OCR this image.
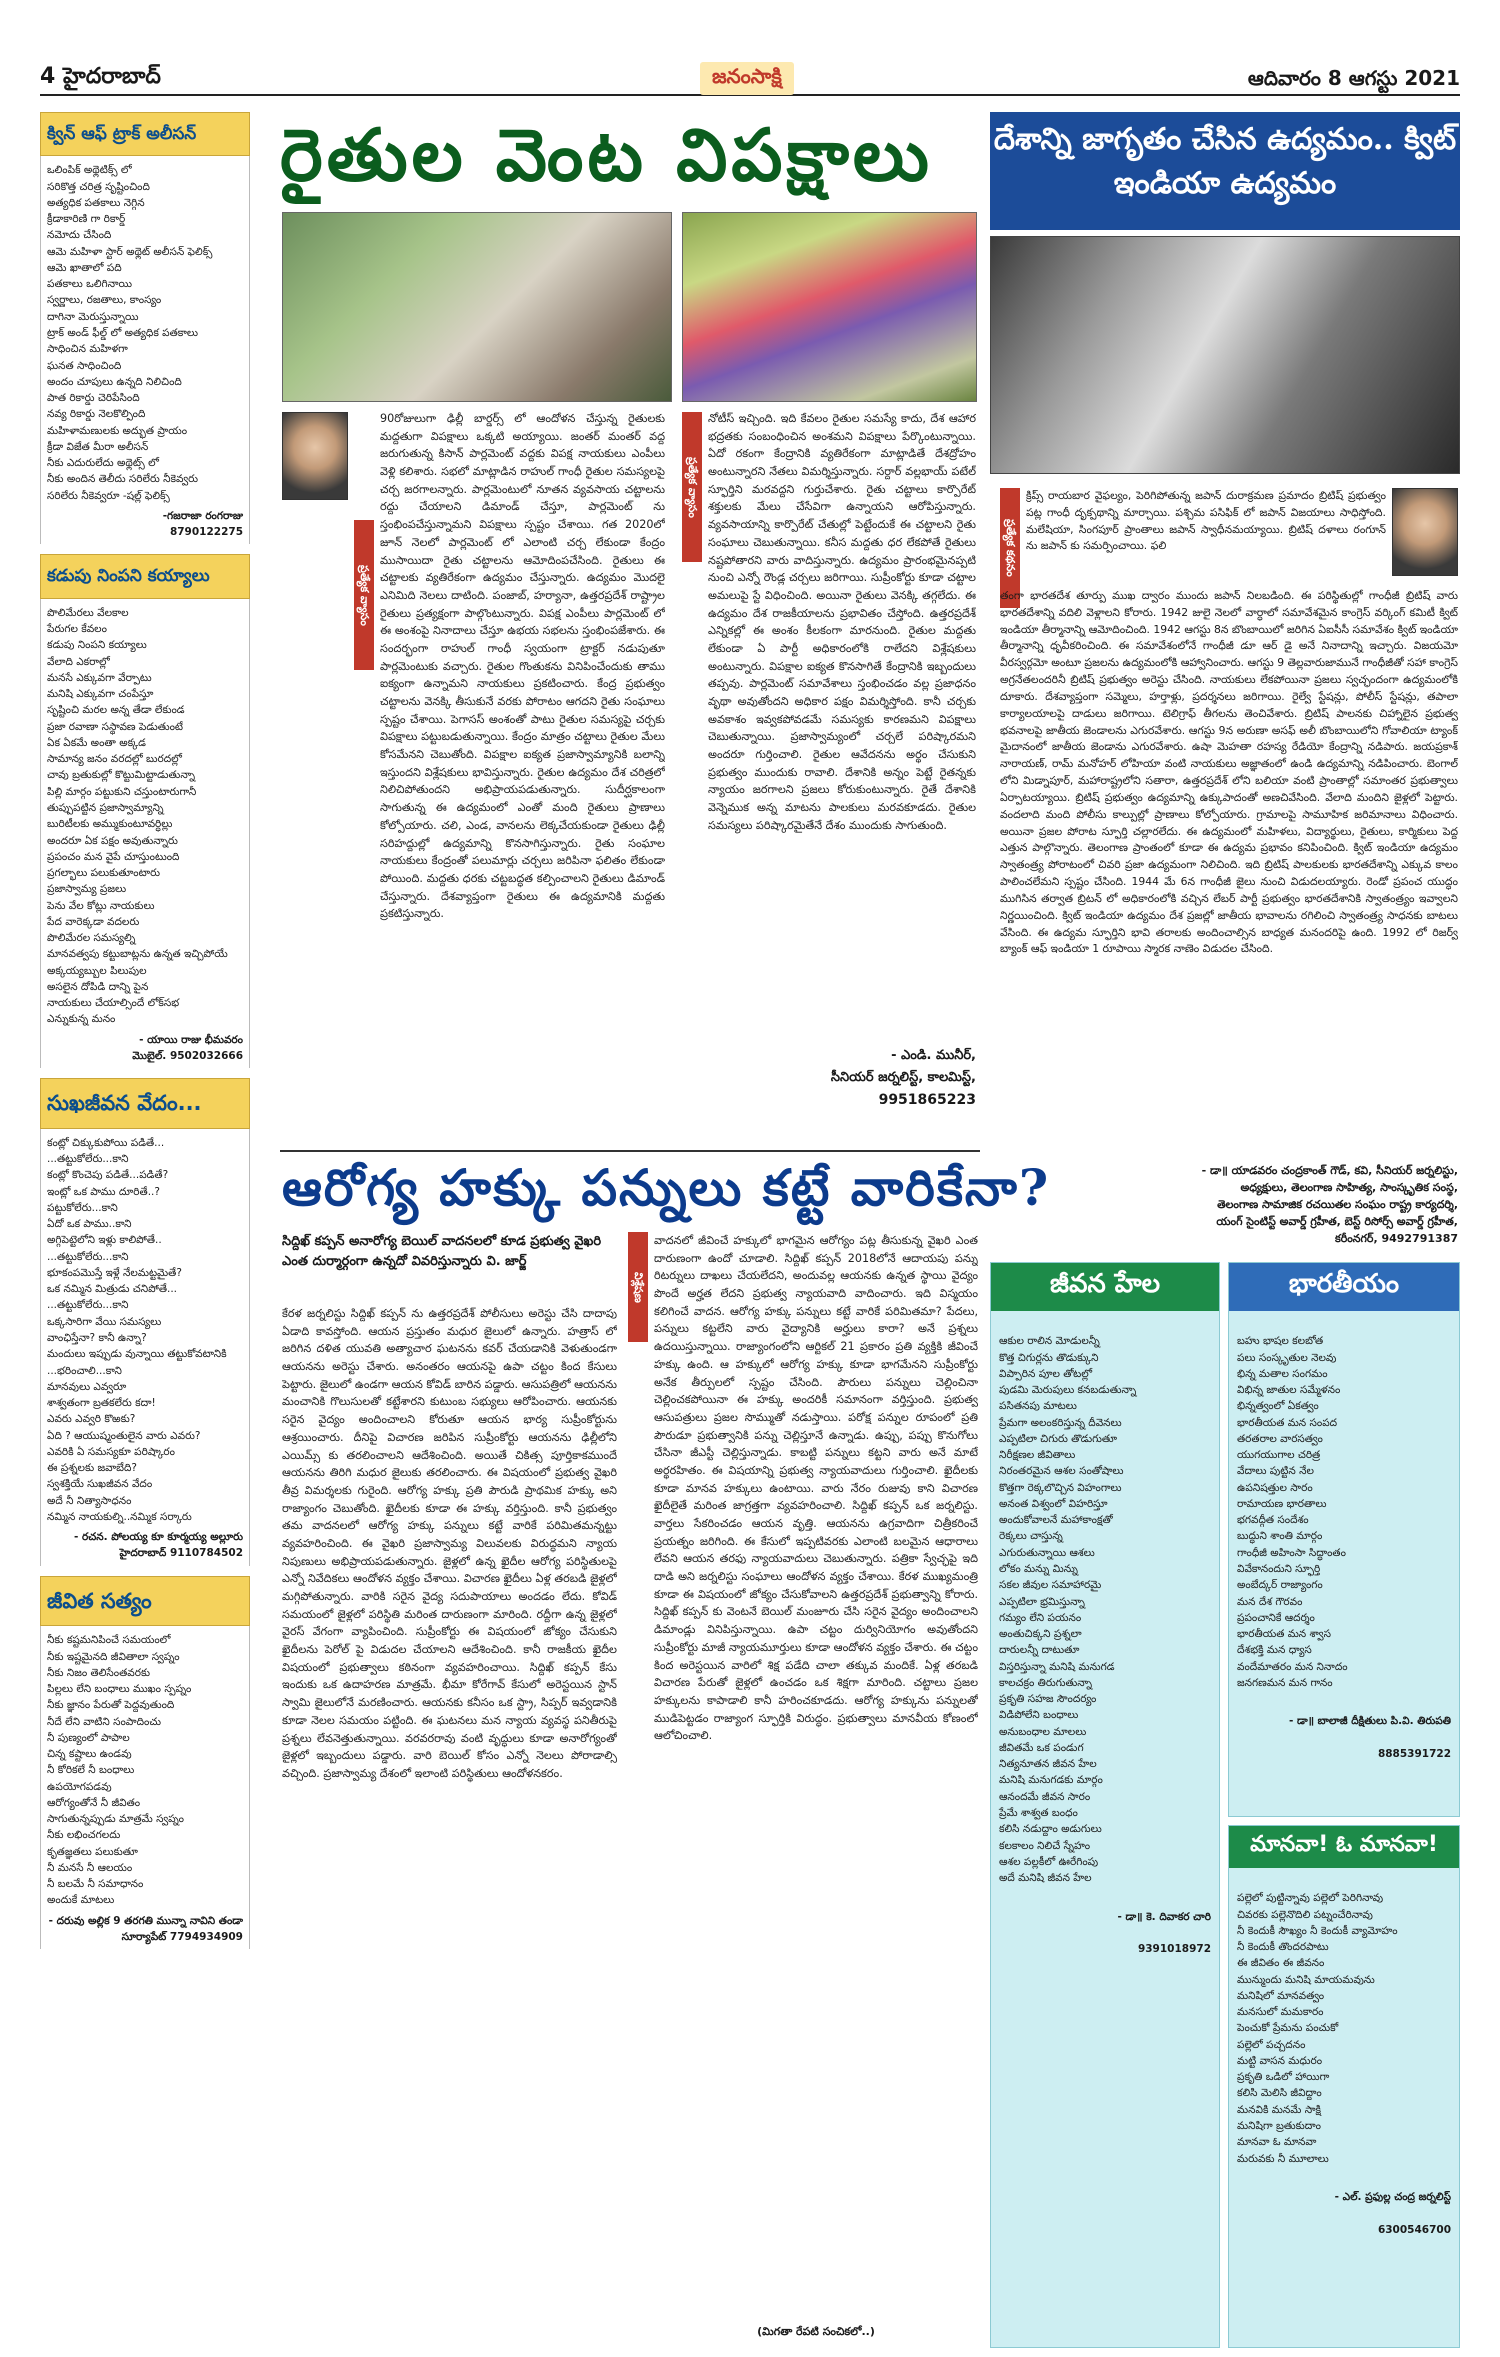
4 హైదరాబాద్	జనంసాక్షి	ఆదివారం 8 ఆగస్టు 2021
క్విన్ ఆఫ్ ట్రాక్ అలీసన్

ఒలింపిక్ అథ్లెటిక్స్ లో
సరికొత్త చరిత్ర సృష్టించింది
అత్యధిక పతకాలు నెగ్గిన
క్రీడాకారిణి గా రికార్డ్
నమోదు చేసింది
ఆమె మహిళా స్టార్ అథ్లెట్ అలీసన్ ఫెలిక్స్
ఆమె ఖాతాలో పది
పతకాలు ఒలిగినాయి
స్వర్ణాలు, రజతాలు, కాంస్యం
దాగినా మెరుస్తున్నాయి
ట్రాక్ అండ్ ఫీల్డ్ లో అత్యధిక పతకాలు
సాధించిన మహిళగా
ఘనత సాధించింది
అందం చూపులు ఉన్నది నిలిచింది
పాత రికార్డు చెరిపేసింది
నవ్య రికార్డు నెలకొల్పింది
మహిళామణులకు అద్భుత ప్రాయం
క్రీడా విజేత మీరా అలీసన్
నీకు ఎదురులేదు అథ్లెట్స్ లో
నీకు అందిన తెలీదు సరిలేరు నీకెవ్వరు
సరిలేరు నీకెవ్వరూ -షల్ల్ ఫెలిక్స్

-గజరాజా రంగరాజు
8790122275
కడుపు నింపని కయ్యాలు

పొలిమేరలు వేలకాల
పేరుగల కేవలం
కడుపు నింపని కయ్యాలు
వేలాది ఎకరాల్లో
మనసే ఎక్కువగా వేర్పాటు
మనిషి ఎక్కువగా చంపేస్తూ
సృష్టించి మరల అన్న తేడా లేకుండ
ప్రజా రవాణా సస్థావణ పెడుతుంటే
ఏక ఏకమే అంతా అక్కడ
సామాన్య జనం వరదల్లో బురదల్లో
చావు బ్రతుకుల్లో కొట్టుమిట్టాడుతున్నా
పిల్లి మార్గం పట్టుకుని చస్తుంటారుగానీ
తుప్పుపట్టిన ప్రజాస్వామ్యాన్ని
బురిటీలకు అమ్ముకుంటూవర్ధిల్లు
అందరూ ఏక పక్షం అవుతున్నారు
ప్రపంచం మన వైపే చూస్తుంటుంది
ప్రగల్భాలు పలుకుతూంటారు
ప్రజాస్వామ్య ప్రజలు
పెను వేల కోట్లు నాయకులు
పేద వారెక్కడా వదలరు
పొలిమేరల సమస్యల్ని
మానవత్వపు కట్టుబాట్లను ఉన్నత ఇచ్చిపోయే
అక్కయ్యబ్బుల పిలుపుల
అసలైన దోపిడి దాన్ని పైన
నాయకులు చేయాల్సిందే లోక్‌సభ
ఎన్నుకున్న మనం

- యాయి రాజు భీమవరం
మొబైల్. 9502032666
సుఖజీవన వేదం...

కంట్లో చిక్కుకుపోయి పడితే...
...తట్టుకోలేరు...కాని
కంట్లో కొంచెపు పడితే...పడితే?
ఇంట్లో ఒక పాము దూరితే..?
పట్టుకోలేరు...కాని
ఏదో ఒక పాము..కాని
అగ్గిపెట్టెలోని ఇళ్లు కాలిపోతే..
...తట్టుకోలేరు...కాని
భూకంపమొస్తే ఇళ్లే నేలమట్టమైతే?
ఒక నమ్మిన మిత్రుడు చనిపోతే...
...తట్టుకోలేరు...కాని
ఒక్కసారిగా వేయి సమస్యలు
వాంఛిస్తేనా? కానీ ఉన్నా?
మందులు ఇప్పుడు వున్నాయి తట్టుకోవటానికి
...భరించాలి...కాని
మానవులు ఎవ్వరూ
శాశ్వతంగా బ్రతకలేరు కదా!
ఎవరు ఎవ్వరి కొఱకు?
ఏది ? ఆయుష్మంతులైన వారు ఎవరు?
ఎవరికి ఏ సమస్యకూ పరిష్కారం
ఈ ప్రశ్నలకు జవాబేది?
స్వశక్తియే సుఖజీవన వేదం
అదే నీ నిత్యాసాధనం
నమ్మిన నాయకుల్ని..నమ్మిక సర్కారు

- రచన. పోలయ్య కూ కూర్మయ్య అల్లూరు
హైదరాబాద్ 9110784502
జీవిత సత్యం

నీకు కష్టమనిపించే సమయంలో
నీకు ఇష్టమైనది జీవితాలా స్వప్నం
నీకు నిజం తెలిసేంతవరకు
పిల్లలు లేని బంధాలు ముఖం స్పప్నం
నీకు జ్ఞానం పేరుతో పెద్దవుతుంది
నీదే లేని వాటిని సంపాదించు
నీ పుణ్యంలో పాపాల
చిన్న కష్టాలు ఉండవు
నీ కోరికలే నీ బంధాలు
ఉపయోగపడవు
ఆరోగ్యంతోనే నీ జీవితం
సాగుతున్నప్పుడు మాత్రమే స్వప్నం
నీకు లభించగలదు
కృతజ్ఞతలు పలుకుతూ
నీ మనసే నీ ఆలయం
నీ బలమే నీ సమాధానం
అందుకే మాటలు

- దరువు అల్లిక 9 తరగతి మున్నా నావిని తండా
సూర్యాపేట్ 7794934909
రైతుల వెంట విపక్షాలు
ప్రత్యేక వ్యాసం
90రోజులుగా ఢిల్లీ బార్డర్స్ లో ఆందోళన చేస్తున్న రైతులకు మద్దతుగా విపక్షాలు ఒక్కటి అయ్యాయి. జంతర్ మంతర్ వద్ద జరుగుతున్న కిసాన్ పార్లమెంట్ వద్దకు విపక్ష నాయకులు ఎంపీలు వెళ్లి కలిశారు. సభలో మాట్లాడిన రాహుల్ గాంధీ రైతుల సమస్యలపై చర్చ జరగాలన్నారు. పార్లమెంటులో నూతన వ్యవసాయ చట్టాలను రద్దు చేయాలని డిమాండ్ చేస్తూ, పార్లమెంట్ ను స్తంభింపచేస్తున్నామని విపక్షాలు స్పష్టం చేశాయి. గత 2020లో జూన్ నెలలో పార్లమెంట్ లో ఎలాంటి చర్చ లేకుండా కేంద్రం ముసాయిదా రైతు చట్టాలను ఆమోదింపచేసింది. రైతులు ఈ చట్టాలకు వ్యతిరేకంగా ఉద్యమం చేస్తున్నారు. ఉద్యమం మొదలై ఎనిమిది నెలలు దాటింది. పంజాబ్, హర్యానా, ఉత్తరప్రదేశ్ రాష్ట్రాల రైతులు ప్రత్యక్షంగా పాల్గొంటున్నారు. విపక్ష ఎంపీలు పార్లమెంట్ లో ఈ అంశంపై నినాదాలు చేస్తూ ఉభయ సభలను స్తంభింపజేశారు. ఈ సందర్భంగా రాహుల్ గాంధీ స్వయంగా ట్రాక్టర్ నడుపుతూ పార్లమెంటుకు వచ్చారు. రైతుల గొంతుకను వినిపించేందుకు తాము ఐక్యంగా ఉన్నామని నాయకులు ప్రకటించారు. కేంద్ర ప్రభుత్వం చట్టాలను వెనక్కి తీసుకునే వరకు పోరాటం ఆగదని రైతు సంఘాలు స్పష్టం చేశాయి. పెగాసస్ అంశంతో పాటు రైతుల సమస్యపై చర్చకు విపక్షాలు పట్టుబడుతున్నాయి. కేంద్రం మాత్రం చట్టాలు రైతుల మేలు కోసమేనని చెబుతోంది. విపక్షాల ఐక్యత ప్రజాస్వామ్యానికి బలాన్ని ఇస్తుందని విశ్లేషకులు భావిస్తున్నారు. రైతుల ఉద్యమం దేశ చరిత్రలో నిలిచిపోతుందని అభిప్రాయపడుతున్నారు. సుదీర్ఘకాలంగా సాగుతున్న ఈ ఉద్యమంలో ఎంతో మంది రైతులు ప్రాణాలు కోల్పోయారు. చలి, ఎండ, వానలను లెక్కచేయకుండా రైతులు ఢిల్లీ సరిహద్దుల్లో ఉద్యమాన్ని కొనసాగిస్తున్నారు. రైతు సంఘాల నాయకులు కేంద్రంతో పలుమార్లు చర్చలు జరిపినా ఫలితం లేకుండా పోయింది. మద్దతు ధరకు చట్టబద్ధత కల్పించాలని రైతులు డిమాండ్ చేస్తున్నారు. దేశవ్యాప్తంగా రైతులు ఈ ఉద్యమానికి మద్దతు ప్రకటిస్తున్నారు.
ప్రత్యేక వ్యాసం
నోటీస్ ఇచ్చింది. ఇది కేవలం రైతుల సమస్యే కాదు, దేశ ఆహార భద్రతకు సంబంధించిన అంశమని విపక్షాలు పేర్కొంటున్నాయి. ఏదో రకంగా కేంద్రానికి వ్యతిరేకంగా మాట్లాడితే దేశద్రోహం అంటున్నారని నేతలు విమర్శిస్తున్నారు. సర్దార్ వల్లభాయ్ పటేల్ స్ఫూర్తిని మరవద్దని గుర్తుచేశారు. రైతు చట్టాలు కార్పొరేట్ శక్తులకు మేలు చేసేవిగా ఉన్నాయని ఆరోపిస్తున్నారు. వ్యవసాయాన్ని కార్పొరేట్ చేతుల్లో పెట్టేందుకే ఈ చట్టాలని రైతు సంఘాలు చెబుతున్నాయి. కనీస మద్దతు ధర లేకపోతే రైతులు నష్టపోతారని వారు వాదిస్తున్నారు. ఉద్యమం ప్రారంభమైనప్పటి నుంచి ఎన్నో రౌండ్ల చర్చలు జరిగాయి. సుప్రీంకోర్టు కూడా చట్టాల అమలుపై స్టే విధించింది. అయినా రైతులు వెనక్కి తగ్గలేదు. ఈ ఉద్యమం దేశ రాజకీయాలను ప్రభావితం చేస్తోంది. ఉత్తరప్రదేశ్ ఎన్నికల్లో ఈ అంశం కీలకంగా మారనుంది. రైతుల మద్దతు లేకుండా ఏ పార్టీ అధికారంలోకి రాలేదని విశ్లేషకులు అంటున్నారు. విపక్షాల ఐక్యత కొనసాగితే కేంద్రానికి ఇబ్బందులు తప్పవు. పార్లమెంట్ సమావేశాలు స్తంభించడం వల్ల ప్రజాధనం వృథా అవుతోందని అధికార పక్షం విమర్శిస్తోంది. కానీ చర్చకు అవకాశం ఇవ్వకపోవడమే సమస్యకు కారణమని విపక్షాలు చెబుతున్నాయి. ప్రజాస్వామ్యంలో చర్చలే పరిష్కారమని అందరూ గుర్తించాలి. రైతుల ఆవేదనను అర్థం చేసుకుని ప్రభుత్వం ముందుకు రావాలి. దేశానికి అన్నం పెట్టే రైతన్నకు న్యాయం జరగాలని ప్రజలు కోరుకుంటున్నారు. రైతే దేశానికి వెన్నెముక అన్న మాటను పాలకులు మరవకూడదు. రైతుల సమస్యలు పరిష్కారమైతేనే దేశం ముందుకు సాగుతుంది.
- ఎండి. మునీర్,
సీనియర్ జర్నలిస్ట్, కాలమిస్ట్,
9951865223
ఆరోగ్య హక్కు పన్నులు కట్టే వారికేనా?
సిద్దిఖ్ కప్పన్ అనారోగ్య బెయిల్ వాదనలలో కూడ ప్రభుత్వ వైఖరి ఎంత దుర్మార్గంగా ఉన్నదో వివరిస్తున్నారు వి. జార్జ్
కేరళ జర్నలిస్టు సిద్దిఖ్ కప్పన్ ను ఉత్తరప్రదేశ్ పోలీసులు అరెస్టు చేసి దాదాపు ఏడాది కావస్తోంది. ఆయన ప్రస్తుతం మధుర జైలులో ఉన్నారు. హత్రాస్ లో జరిగిన దళిత యువతి అత్యాచార ఘటనను కవర్ చేయడానికి వెళుతుండగా ఆయనను అరెస్టు చేశారు. అనంతరం ఆయనపై ఉపా చట్టం కింద కేసులు పెట్టారు. జైలులో ఉండగా ఆయన కోవిడ్ బారిన పడ్డారు. ఆసుపత్రిలో ఆయనను మంచానికి గొలుసులతో కట్టేశారని కుటుంబ సభ్యులు ఆరోపించారు. ఆయనకు సరైన వైద్యం అందించాలని కోరుతూ ఆయన భార్య సుప్రీంకోర్టును ఆశ్రయించారు. దీనిపై విచారణ జరిపిన సుప్రీంకోర్టు ఆయనను ఢిల్లీలోని ఎయిమ్స్ కు తరలించాలని ఆదేశించింది. అయితే చికిత్స పూర్తికాకముందే ఆయనను తిరిగి మధుర జైలుకు తరలించారు. ఈ విషయంలో ప్రభుత్వ వైఖరి తీవ్ర విమర్శలకు గురైంది. ఆరోగ్య హక్కు ప్రతి పౌరుడి ప్రాథమిక హక్కు అని రాజ్యాంగం చెబుతోంది. ఖైదీలకు కూడా ఈ హక్కు వర్తిస్తుంది. కానీ ప్రభుత్వం తమ వాదనలలో ఆరోగ్య హక్కు పన్నులు కట్టే వారికే పరిమితమన్నట్టు వ్యవహరించింది. ఈ వైఖరి ప్రజాస్వామ్య విలువలకు విరుద్ధమని న్యాయ నిపుణులు అభిప్రాయపడుతున్నారు. జైళ్లలో ఉన్న ఖైదీల ఆరోగ్య పరిస్థితులపై ఎన్నో నివేదికలు ఆందోళన వ్యక్తం చేశాయి. విచారణ ఖైదీలు ఏళ్ల తరబడి జైళ్లలో మగ్గిపోతున్నారు. వారికి సరైన వైద్య సదుపాయాలు అందడం లేదు. కోవిడ్ సమయంలో జైళ్లలో పరిస్థితి మరింత దారుణంగా మారింది. రద్దీగా ఉన్న జైళ్లలో వైరస్ వేగంగా వ్యాపించింది. సుప్రీంకోర్టు ఈ విషయంలో జోక్యం చేసుకుని ఖైదీలను పెరోల్ పై విడుదల చేయాలని ఆదేశించింది. కానీ రాజకీయ ఖైదీల విషయంలో ప్రభుత్వాలు కఠినంగా వ్యవహరించాయి. సిద్దిఖ్ కప్పన్ కేసు ఇందుకు ఒక ఉదాహరణ మాత్రమే. భీమా కోరేగావ్ కేసులో అరెస్టయిన స్టాన్ స్వామి జైలులోనే మరణించారు. ఆయనకు కనీసం ఒక స్ట్రా, సిప్పర్ ఇవ్వడానికి కూడా నెలల సమయం పట్టింది. ఈ ఘటనలు మన న్యాయ వ్యవస్థ పనితీరుపై ప్రశ్నలు లేవనెత్తుతున్నాయి. వరవరరావు వంటి వృద్ధులు కూడా అనారోగ్యంతో జైళ్లలో ఇబ్బందులు పడ్డారు. వారి బెయిల్ కోసం ఎన్నో నెలలు పోరాడాల్సి వచ్చింది. ప్రజాస్వామ్య దేశంలో ఇలాంటి పరిస్థితులు ఆందోళనకరం.
విశ్లేషణ
వాదనలో జీవించే హక్కులో భాగమైన ఆరోగ్యం పట్ల తీసుకున్న వైఖరి ఎంత దారుణంగా ఉందో చూడాలి. సిద్దిఖ్ కప్పన్ 2018లోనే ఆదాయపు పన్ను రిటర్నులు దాఖలు చేయలేదని, అందువల్ల ఆయనకు ఉన్నత స్థాయి వైద్యం పొందే అర్హత లేదని ప్రభుత్వ న్యాయవాది వాదించారు. ఇది విస్మయం కలిగించే వాదన. ఆరోగ్య హక్కు పన్నులు కట్టే వారికే పరిమితమా? పేదలు, పన్నులు కట్టలేని వారు వైద్యానికి అర్హులు కారా? అనే ప్రశ్నలు ఉదయిస్తున్నాయి. రాజ్యాంగంలోని ఆర్టికల్ 21 ప్రకారం ప్రతి వ్యక్తికి జీవించే హక్కు ఉంది. ఆ హక్కులో ఆరోగ్య హక్కు కూడా భాగమేనని సుప్రీంకోర్టు అనేక తీర్పులలో స్పష్టం చేసింది. పౌరులు పన్నులు చెల్లించినా చెల్లించకపోయినా ఈ హక్కు అందరికీ సమానంగా వర్తిస్తుంది. ప్రభుత్వ ఆసుపత్రులు ప్రజల సొమ్ముతో నడుస్తాయి. పరోక్ష పన్నుల రూపంలో ప్రతి పౌరుడూ ప్రభుత్వానికి పన్ను చెల్లిస్తూనే ఉన్నాడు. ఉప్పు, పప్పు కొనుగోలు చేసినా జీఎస్టీ చెల్లిస్తున్నాడు. కాబట్టి పన్నులు కట్టని వారు అనే మాటే అర్థరహితం. ఈ విషయాన్ని ప్రభుత్వ న్యాయవాదులు గుర్తించాలి. ఖైదీలకు కూడా మానవ హక్కులు ఉంటాయి. వారు నేరం రుజువు కాని విచారణ ఖైదీలైతే మరింత జాగ్రత్తగా వ్యవహరించాలి. సిద్దిఖ్ కప్పన్ ఒక జర్నలిస్టు. వార్తలు సేకరించడం ఆయన వృత్తి. ఆయనను ఉగ్రవాదిగా చిత్రీకరించే ప్రయత్నం జరిగింది. ఈ కేసులో ఇప్పటివరకు ఎలాంటి బలమైన ఆధారాలు లేవని ఆయన తరఫు న్యాయవాదులు చెబుతున్నారు. పత్రికా స్వేచ్ఛపై ఇది దాడి అని జర్నలిస్టు సంఘాలు ఆందోళన వ్యక్తం చేశాయి. కేరళ ముఖ్యమంత్రి కూడా ఈ విషయంలో జోక్యం చేసుకోవాలని ఉత్తరప్రదేశ్ ప్రభుత్వాన్ని కోరారు. సిద్దిఖ్ కప్పన్ కు వెంటనే బెయిల్ మంజూరు చేసి సరైన వైద్యం అందించాలని డిమాండ్లు వినిపిస్తున్నాయి. ఉపా చట్టం దుర్వినియోగం అవుతోందని సుప్రీంకోర్టు మాజీ న్యాయమూర్తులు కూడా ఆందోళన వ్యక్తం చేశారు. ఈ చట్టం కింద అరెస్టయిన వారిలో శిక్ష పడేది చాలా తక్కువ మందికే. ఏళ్ల తరబడి విచారణ పేరుతో జైళ్లలో ఉంచడం ఒక శిక్షగా మారింది. చట్టాలు ప్రజల హక్కులను కాపాడాలి కానీ హరించకూడదు. ఆరోగ్య హక్కును పన్నులతో ముడిపెట్టడం రాజ్యాంగ స్ఫూర్తికి విరుద్ధం. ప్రభుత్వాలు మానవీయ కోణంలో ఆలోచించాలి.
(మిగతా రేపటి సంచికలో..)
దేశాన్ని జాగృతం చేసిన ఉద్యమం.. క్విట్ ఇండియా ఉద్యమం
ప్రత్యేక కథనం
క్రిప్స్ రాయబార వైఫల్యం, పెరిగిపోతున్న జపాన్ దురాక్రమణ ప్రమాదం బ్రిటిష్ ప్రభుత్వం పట్ల గాంధీ దృక్పథాన్ని మార్చాయి. పశ్చిమ పసిఫిక్ లో జపాన్ విజయాలు సాధిస్తోంది. మలేషియా, సింగపూర్ ప్రాంతాలు జపాన్ స్వాధీనమయ్యాయి. బ్రిటిష్ దళాలు రంగూన్ ను జపాన్ కు సమర్పించాయి. ఫలి
తంగా భారతదేశ తూర్పు ముఖ ద్వారం ముందు జపాన్ నిలబడింది. ఈ పరిస్థితుల్లో గాంధీజీ బ్రిటిష్ వారు భారతదేశాన్ని వదిలి వెళ్లాలని కోరారు. 1942 జులై నెలలో వార్ధాలో సమావేశమైన కాంగ్రెస్ వర్కింగ్ కమిటీ క్విట్ ఇండియా తీర్మానాన్ని ఆమోదించింది. 1942 ఆగస్టు 8న బొంబాయిలో జరిగిన ఏఐసీసీ సమావేశం క్విట్ ఇండియా తీర్మానాన్ని ధృవీకరించింది. ఈ సమావేశంలోనే గాంధీజీ డూ ఆర్ డై అనే నినాదాన్ని ఇచ్చారు. విజయమో వీరస్వర్గమో అంటూ ప్రజలను ఉద్యమంలోకి ఆహ్వానించారు. ఆగస్టు 9 తెల్లవారుజామునే గాంధీజీతో సహా కాంగ్రెస్ అగ్రనేతలందరినీ బ్రిటిష్ ప్రభుత్వం అరెస్టు చేసింది. నాయకులు లేకపోయినా ప్రజలు స్వచ్ఛందంగా ఉద్యమంలోకి దూకారు. దేశవ్యాప్తంగా సమ్మెలు, హర్తాళ్లు, ప్రదర్శనలు జరిగాయి. రైల్వే స్టేషన్లు, పోలీస్ స్టేషన్లు, తపాలా కార్యాలయాలపై దాడులు జరిగాయి. టెలిగ్రాఫ్ తీగలను తెంచివేశారు. బ్రిటిష్ పాలనకు చిహ్నాలైన ప్రభుత్వ భవనాలపై జాతీయ జెండాలను ఎగురవేశారు. ఆగస్టు 9న అరుణా అసఫ్ అలీ బొంబాయిలోని గోవాలియా ట్యాంక్ మైదానంలో జాతీయ జెండాను ఎగురవేశారు. ఉషా మెహతా రహస్య రేడియో కేంద్రాన్ని నడిపారు. జయప్రకాశ్ నారాయణ్, రామ్ మనోహర్ లోహియా వంటి నాయకులు అజ్ఞాతంలో ఉండి ఉద్యమాన్ని నడిపించారు. బెంగాల్ లోని మిడ్నాపూర్, మహారాష్ట్రలోని సతారా, ఉత్తరప్రదేశ్ లోని బలియా వంటి ప్రాంతాల్లో సమాంతర ప్రభుత్వాలు ఏర్పాటయ్యాయి. బ్రిటిష్ ప్రభుత్వం ఉద్యమాన్ని ఉక్కుపాదంతో అణచివేసింది. వేలాది మందిని జైళ్లలో పెట్టారు. వందలాది మంది పోలీసు కాల్పుల్లో ప్రాణాలు కోల్పోయారు. గ్రామాలపై సామూహిక జరిమానాలు విధించారు. అయినా ప్రజల పోరాట స్ఫూర్తి చల్లారలేదు. ఈ ఉద్యమంలో మహిళలు, విద్యార్థులు, రైతులు, కార్మికులు పెద్ద ఎత్తున పాల్గొన్నారు. తెలంగాణ ప్రాంతంలో కూడా ఈ ఉద్యమ ప్రభావం కనిపించింది. క్విట్ ఇండియా ఉద్యమం స్వాతంత్ర్య పోరాటంలో చివరి ప్రజా ఉద్యమంగా నిలిచింది. ఇది బ్రిటిష్ పాలకులకు భారతదేశాన్ని ఎక్కువ కాలం పాలించలేమని స్పష్టం చేసింది. 1944 మే 6న గాంధీజీ జైలు నుంచి విడుదలయ్యారు. రెండో ప్రపంచ యుద్ధం ముగిసిన తర్వాత బ్రిటన్ లో అధికారంలోకి వచ్చిన లేబర్ పార్టీ ప్రభుత్వం భారతదేశానికి స్వాతంత్ర్యం ఇవ్వాలని నిర్ణయించింది. క్విట్ ఇండియా ఉద్యమం దేశ ప్రజల్లో జాతీయ భావాలను రగిలించి స్వాతంత్ర్య సాధనకు బాటలు వేసింది. ఈ ఉద్యమ స్ఫూర్తిని భావి తరాలకు అందించాల్సిన బాధ్యత మనందరిపై ఉంది. 1992 లో రిజర్వ్ బ్యాంక్ ఆఫ్ ఇండియా 1 రూపాయి స్మారక నాణెం విడుదల చేసింది.
- డా॥ యాడవరం చంద్రకాంత్ గౌడ్, కవి, సీనియర్ జర్నలిస్టు,
అధ్యక్షులు, తెలంగాణ సాహిత్య, సాంస్కృతిక సంస్థ,
తెలంగాణ సామాజిక రచయితల సంఘం రాష్ట్ర కార్యదర్శి,
యంగ్ సైంటిస్ట్ అవార్డ్ గ్రహీత, బెస్ట్ రిసోర్స్ అవార్డ్ గ్రహీత,
కరీంనగర్, 9492791387
జీవన హేల

ఆకుల రాలిన మోడులన్నీ
కొత్త చిగుర్లను తొడుక్కుని
విప్పారిన పూల తోటల్లో
పుడమి మెరుపులు కనబడుతున్నా
పసితనపు మాటలు
ప్రేమగా అలంకరిస్తున్న దీవెనలు
ఎప్పటిలా చిగురు తొడుగుతూ
నిరీక్షణల జీవితాలు
నిరంతరమైన ఆశల సంతోషాలు
కొత్తగా రెక్కలొచ్చిన విహంగాలు
అనంత విశ్వంలో విహరిస్తూ
అందుకోవాలనే మహాకాంక్షతో
రెక్కలు చాస్తున్న
ఎగురుతున్నాయి ఆశలు
లోకం మన్ను మిన్ను
సకల జీవుల సమాహారమై
ఎప్పటిలా భ్రమిస్తున్నా
గమ్యం లేని పయనం
అంతుచిక్కని ప్రశ్నలా
దారులన్నీ దాటుతూ
విస్తరిస్తున్నా మనిషి మనుగడ
కాలచక్రం తిరుగుతున్నా
ప్రకృతి సహజ సౌందర్యం
విడిపోలేని బంధాలు
అనుబంధాల మాలలు
జీవితమే ఒక పండుగ
నిత్యనూతన జీవన హేల
మనిషి మనుగడకు మార్గం
ఆనందమే జీవన సారం
ప్రేమే శాశ్వత బంధం
కలిసి నడుద్దాం అడుగులు
కలకాలం నిలిచే స్నేహం
ఆశల పల్లకీలో ఊరేగింపు
అదే మనిషి జీవన హేల

- డా॥ కె. దివాకర చారి

9391018972

భారతీయం

బహు భాషల కలబోత
పలు సంస్కృతుల నెలవు
భిన్న మతాల సంగమం
విభిన్న జాతుల సమ్మేళనం
భిన్నత్వంలో ఏకత్వం
భారతీయత మన సంపద
తరతరాల వారసత్వం
యుగయుగాల చరిత్ర
వేదాలు పుట్టిన నేల
ఉపనిషత్తుల సారం
రామాయణ భారతాలు
భగవద్గీత సందేశం
బుద్ధుని శాంతి మార్గం
గాంధీజీ అహింసా సిద్ధాంతం
వివేకానందుని స్ఫూర్తి
అంబేద్కర్ రాజ్యాంగం
మన దేశ గౌరవం
ప్రపంచానికే ఆదర్శం
భారతీయత మన శ్వాస
దేశభక్తి మన ధ్యాస
వందేమాతరం మన నినాదం
జనగణమన మన గానం

- డా॥ బాలాజీ దీక్షితులు పి.వి. తిరుపతి

8885391722

మానవా! ఓ మానవా!

పల్లెలో పుట్టిన్నావు పల్లెలో పెరిగినావు
చివరకు పల్లెనొదిలి పట్నంచేరినావు
నీ కెందుకీ సౌఖ్యం నీ కెందుకీ వ్యామోహం
నీ కెందుకీ తొందరపాటు
ఈ జీవితం ఈ జీవనం
మున్ముందు మనిషి మాయమవును
మనిషిలో మానవత్వం
మనసులో మమకారం
పెంచుకో ప్రేమను పంచుకో
పల్లెలో పచ్చదనం
మట్టి వాసన మధురం
ప్రకృతి ఒడిలో హాయిగా
కలిసి మెలిసి జీవిద్దాం
మనవికి మనమే సాక్షి
మనిషిగా బ్రతుకుదాం
మానవా ఓ మానవా
మరువకు నీ మూలాలు

- ఎల్. ప్రఫుల్ల చంద్ర జర్నలిస్ట్

6300546700
